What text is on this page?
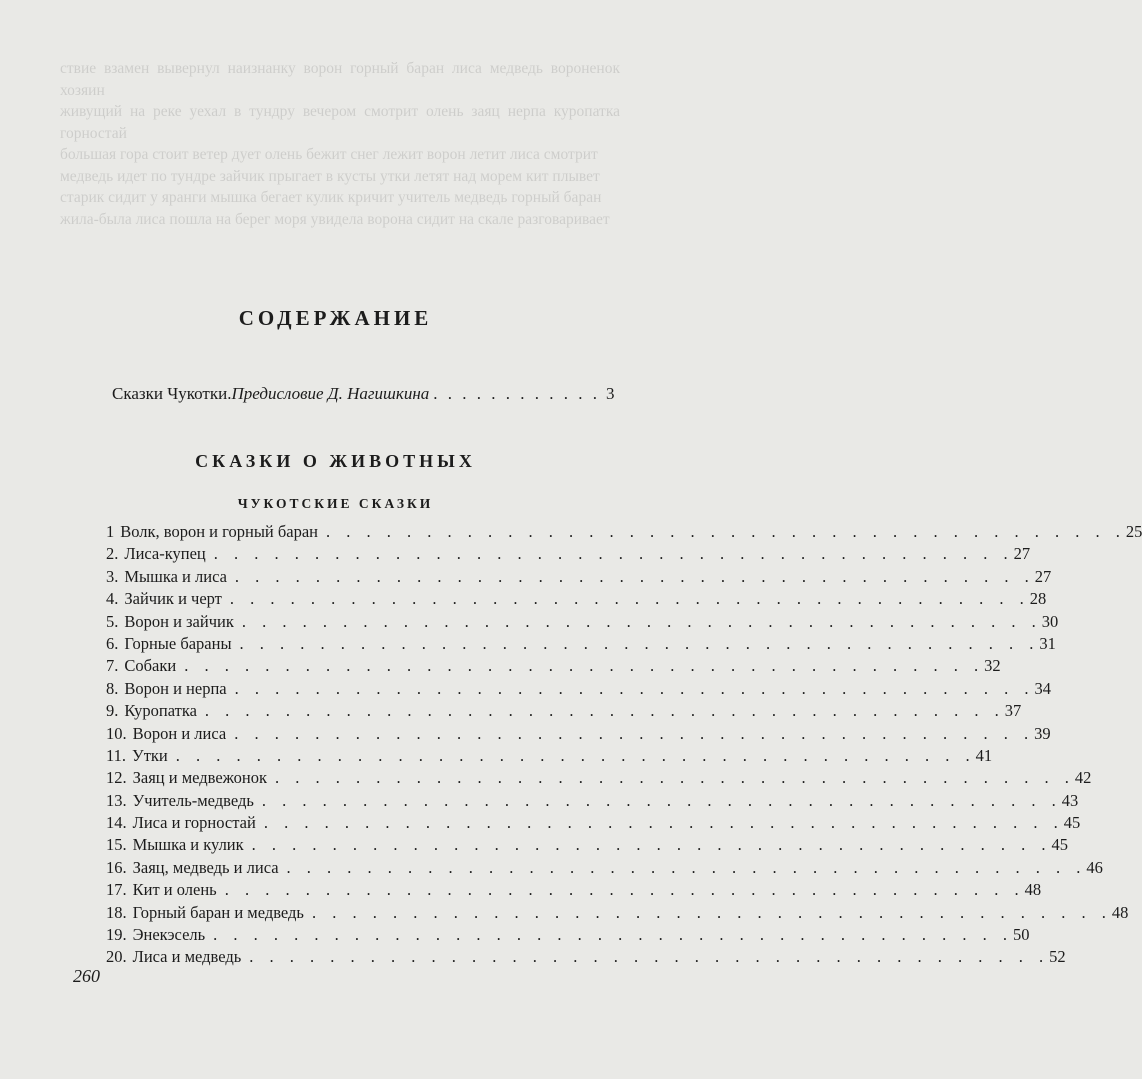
ствие взамен вывернул наизнанку ворон горный баран лиса медведь вороненок хозяин

живущий на реке уехал в тундру вечером смотрит олень заяц нерпа куропатка горностай

большая гора стоит ветер дует олень бежит снег лежит ворон летит лиса смотрит

медведь идет по тундре зайчик прыгает в кусты утки летят над морем кит плывет

старик сидит у яранги мышка бегает кулик кричит учитель медведь горный баран

жила-была лиса пошла на берег моря увидела ворона сидит на скале разговаривает

СОДЕРЖАНИЕ
Сказки Чукотки. Предисловие Д. Нагишкина . . . . . . . . . . . . 3
СКАЗКИ О ЖИВОТНЫХ
ЧУКОТСКИЕ СКАЗКИ
1 Волк, ворон и горный баран . . . . . . . . . . . . . . . . . . . . . . . . . . . . . . . . . . . . . . . . 25
2. Лиса-купец . . . . . . . . . . . . . . . . . . . . . . . . . . . . . . . . . . . . . . . . 27
3. Мышка и лиса . . . . . . . . . . . . . . . . . . . . . . . . . . . . . . . . . . . . . . . . 27
4. Зайчик и черт . . . . . . . . . . . . . . . . . . . . . . . . . . . . . . . . . . . . . . . . 28
5. Ворон и зайчик . . . . . . . . . . . . . . . . . . . . . . . . . . . . . . . . . . . . . . . . 30
6. Горные бараны . . . . . . . . . . . . . . . . . . . . . . . . . . . . . . . . . . . . . . . . 31
7. Собаки . . . . . . . . . . . . . . . . . . . . . . . . . . . . . . . . . . . . . . . . 32
8. Ворон и нерпа . . . . . . . . . . . . . . . . . . . . . . . . . . . . . . . . . . . . . . . . 34
9. Куропатка . . . . . . . . . . . . . . . . . . . . . . . . . . . . . . . . . . . . . . . . 37
10. Ворон и лиса . . . . . . . . . . . . . . . . . . . . . . . . . . . . . . . . . . . . . . . . 39
11. Утки . . . . . . . . . . . . . . . . . . . . . . . . . . . . . . . . . . . . . . . . 41
12. Заяц и медвежонок . . . . . . . . . . . . . . . . . . . . . . . . . . . . . . . . . . . . . . . . 42
13. Учитель-медведь . . . . . . . . . . . . . . . . . . . . . . . . . . . . . . . . . . . . . . . . 43
14. Лиса и горностай . . . . . . . . . . . . . . . . . . . . . . . . . . . . . . . . . . . . . . . . 45
15. Мышка и кулик . . . . . . . . . . . . . . . . . . . . . . . . . . . . . . . . . . . . . . . . 45
16. Заяц, медведь и лиса . . . . . . . . . . . . . . . . . . . . . . . . . . . . . . . . . . . . . . . . 46
17. Кит и олень . . . . . . . . . . . . . . . . . . . . . . . . . . . . . . . . . . . . . . . . 48
18. Горный баран и медведь . . . . . . . . . . . . . . . . . . . . . . . . . . . . . . . . . . . . . . . . 48
19. Энекэсель . . . . . . . . . . . . . . . . . . . . . . . . . . . . . . . . . . . . . . . . 50
20. Лиса и медведь . . . . . . . . . . . . . . . . . . . . . . . . . . . . . . . . . . . . . . . . 52
260
